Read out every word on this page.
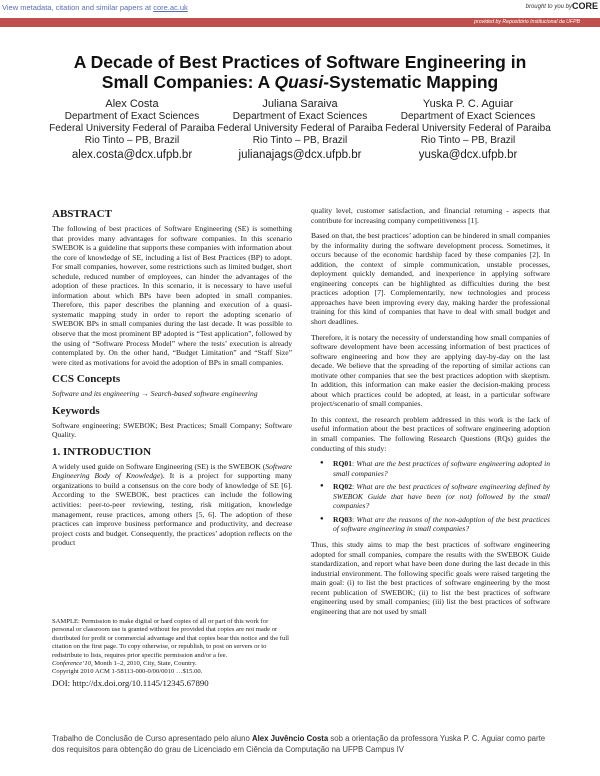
View metadata, citation and similar papers at core.ac.uk	brought to you by CORE
provided by Repositório Institucional da UFPB
A Decade of Best Practices of Software Engineering in
Small Companies: A Quasi-Systematic Mapping
Alex Costa
Department of Exact Sciences
Federal University Federal of Paraiba
Rio Tinto – PB, Brazil
alex.costa@dcx.ufpb.br
Juliana Saraiva
Department of Exact Sciences
Federal University Federal of Paraiba
Rio Tinto – PB, Brazil
julianajags@dcx.ufpb.br
Yuska P. C. Aguiar
Department of Exact Sciences
Federal University Federal of Paraiba
Rio Tinto – PB, Brazil
yuska@dcx.ufpb.br
ABSTRACT

The following of best practices of Software Engineering (SE) is something that provides many advantages for software companies. In this scenario SWEBOK is a guideline that supports these companies with information about the core of knowledge of SE, including a list of Best Practices (BP) to adopt. For small companies, however, some restrictions such as limited budget, short schedule, reduced number of employees, can hinder the advantages of the adoption of these practices. In this scenario, it is necessary to have useful information about which BPs have been adopted in small companies. Therefore, this paper describes the planning and execution of a quasi-systematic mapping study in order to report the adopting scenario of SWEBOK BPs in small companies during the last decade. It was possible to observe that the most prominent BP adopted is “Test application”, followed by the using of “Software Process Model” where the tests’ execution is already contemplated by. On the other hand, “Budget Limitation” and “Staff Size” were cited as motivations for avoid the adoption of BPs in small companies.

CCS Concepts

Software and its engineering → Search-based software engineering

Keywords

Software engineering; SWEBOK; Best Practices; Small Company; Software Quality.

1. INTRODUCTION

A widely used guide on Software Engineering (SE) is the SWEBOK (Software Engineering Body of Knowledge). It is a project for supporting many organizations to build a consensus on the core body of knowledge of SE [6]. According to the SWEBOK, best practices can include the following activities: peer-to-peer reviewing, testing, risk mitigation, knowledge management, reuse practices, among others [5, 6]. The adoption of these practices can improve business performance and productivity, and decrease project costs and budget. Consequently, the practices’ adoption reflects on the product

SAMPLE: Permission to make digital or hard copies of all or part of this work for personal or classroom use is granted without fee provided that copies are not made or distributed for profit or commercial advantage and that copies bear this notice and the full citation on the first page. To copy otherwise, or republish, to post on servers or to redistribute to lists, requires prior specific permission and/or a fee.
Conference’10, Month 1–2, 2010, City, State, Country.
Copyright 2010 ACM 1-58113-000-0/00/0010 …$15.00.
DOI: http://dx.doi.org/10.1145/12345.67890

quality level, customer satisfaction, and financial returning - aspects that contribute for increasing company competitiveness [1].

Based on that, the best practices’ adoption can be hindered in small companies by the informality during the software development process. Sometimes, it occurs because of the economic hardship faced by these companies [2]. In addition, the context of simple communication, unstable processes, deployment quickly demanded, and inexperience in applying software engineering concepts can be highlighted as difficulties during the best practices adoption [7]. Complementarily, new technologies and process approaches have been improving every day, making harder the professional training for this kind of companies that have to deal with small budget and short deadlines.

Therefore, it is notary the necessity of understanding how small companies of software development have been accessing information of best practices of software engineering and how they are applying day-by-day on the last decade. We believe that the spreading of the reporting of similar actions can motivate other companies that see the best practices adoption with skeptism. In addition, this information can make easier the decision-making process about which practices could be adopted, at least, in a particular software project/scenario of small companies.

In this context, the research problem addressed in this work is the lack of useful information about the best practices of software engineering adoption in small companies. The following Research Questions (RQs) guides the conducting of this study:

● RQ01: What are the best practices of software engineering adopted in small companies?
● RQ02: What are the best practices of software engineering defined by SWEBOK Guide that have been (or not) followed by the small companies?
● RQ03: What are the reasons of the non-adoption of the best practices of software engineering in small companies?

Thus, this study aims to map the best practices of software engineering adopted for small companies, compare the results with the SWEBOK Guide standardization, and report what have been done during the last decade in this industrial environment. The following specific goals were raised targeting the main goal: (i) to list the best practices of software engineering by the most recent publication of SWEBOK; (ii) to list the best practices of software engineering used by small companies; (iii) list the best practices of software engineering that are not used by small

Trabalho de Conclusão de Curso apresentado pelo aluno Alex Juvêncio Costa sob a orientação da professora Yuska P. C. Aguiar como parte dos requisitos para obtenção do grau de Licenciado em Ciência da Computação na UFPB Campus IV
